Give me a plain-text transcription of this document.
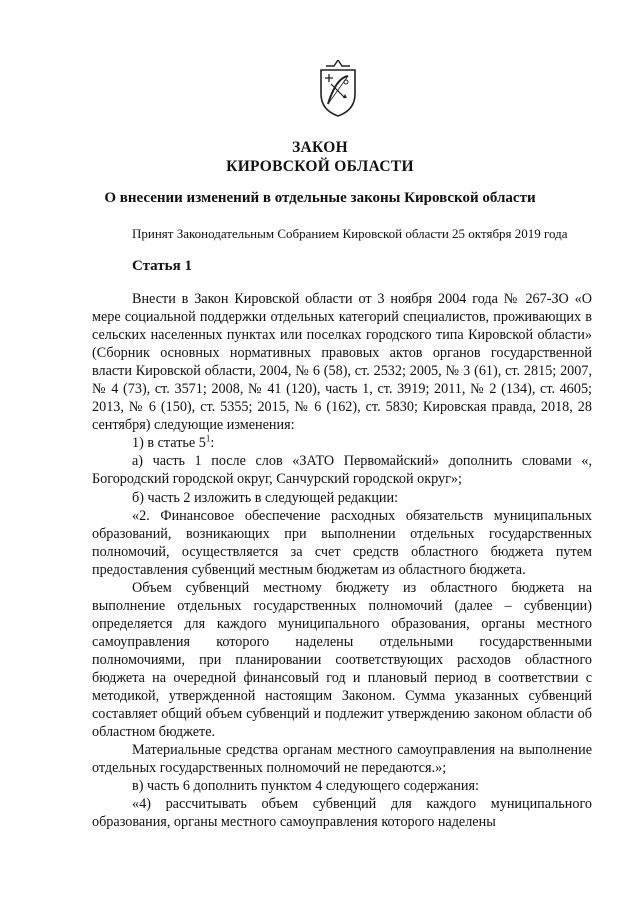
ЗАКОН
КИРОВСКОЙ ОБЛАСТИ
О внесении изменений в отдельные законы Кировской области
Принят Законодательным Собранием Кировской области 25 октября 2019 года
Статья 1

Внести в Закон Кировской области от 3 ноября 2004 года № 267-ЗО «О мере социальной поддержки отдельных категорий специалистов, проживающих в сельских населенных пунктах или поселках городского типа Кировской области» (Сборник основных нормативных правовых актов органов государственной власти Кировской области, 2004, № 6 (58), ст. 2532; 2005, № 3 (61), ст. 2815; 2007, № 4 (73), ст. 3571; 2008, № 41 (120), часть 1, ст. 3919; 2011, № 2 (134), ст. 4605; 2013, № 6 (150), ст. 5355; 2015, № 6 (162), ст. 5830; Кировская правда, 2018, 28 сентября) следующие изменения:

1) в статье $5^1$:

а) часть 1 после слов «ЗАТО Первомайский» дополнить словами «, Богородский городской округ, Санчурский городской округ»;

б) часть 2 изложить в следующей редакции:

«2. Финансовое обеспечение расходных обязательств муниципальных образований, возникающих при выполнении отдельных государственных полномочий, осуществляется за счет средств областного бюджета путем предоставления субвенций местным бюджетам из областного бюджета.

Объем субвенций местному бюджету из областного бюджета на выполнение отдельных государственных полномочий (далее – субвенции) определяется для каждого муниципального образования, органы местного самоуправления которого наделены отдельными государственными полномочиями, при планировании соответствующих расходов областного бюджета на очередной финансовый год и плановый период в соответствии с методикой, утвержденной настоящим Законом. Сумма указанных субвенций составляет общий объем субвенций и подлежит утверждению законом области об областном бюджете.

Материальные средства органам местного самоуправления на выполнение отдельных государственных полномочий не передаются.»;

в) часть 6 дополнить пунктом 4 следующего содержания:

«4) рассчитывать объем субвенций для каждого муниципального образования, органы местного самоуправления которого наделены
